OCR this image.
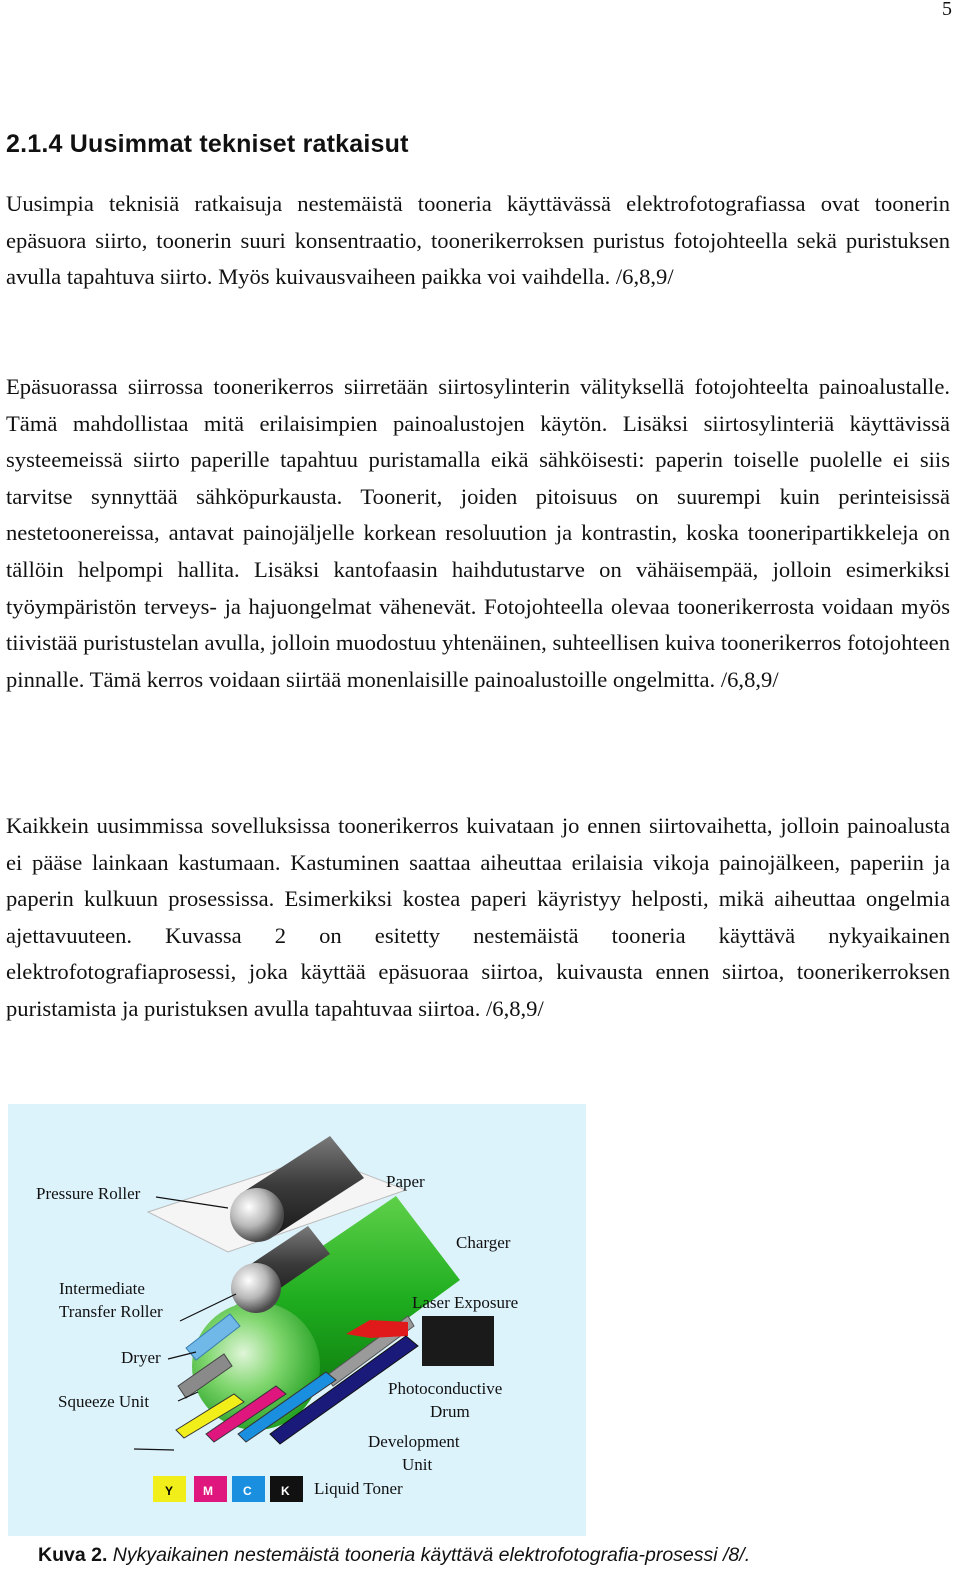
5
2.1.4 Uusimmat tekniset ratkaisut

Uusimpia teknisiä ratkaisuja nestemäistä tooneria käyttävässä elektrofotografiassa ovat toonerin epäsuora siirto, toonerin suuri konsentraatio, toonerikerroksen puristus fotojohteella sekä puristuksen avulla tapahtuva siirto. Myös kuivausvaiheen paikka voi vaihdella. /6,8,9/

Epäsuorassa siirrossa toonerikerros siirretään siirtosylinterin välityksellä fotojohteelta painoalustalle. Tämä mahdollistaa mitä erilaisimpien painoalustojen käytön. Lisäksi siirtosylinteriä käyttävissä systeemeissä siirto paperille tapahtuu puristamalla eikä sähköisesti: paperin toiselle puolelle ei siis tarvitse synnyttää sähköpurkausta. Toonerit, joiden pitoisuus on suurempi kuin perinteisissä nestetoonereissa, antavat painojäljelle korkean resoluution ja kontrastin, koska tooneripartikkeleja on tällöin helpompi hallita. Lisäksi kantofaasin haihdutustarve on vähäisempää, jolloin esimerkiksi työympäristön terveys- ja hajuongelmat vähenevät. Fotojohteella olevaa toonerikerrosta voidaan myös tiivistää puristustelan avulla, jolloin muodostuu yhtenäinen, suhteellisen kuiva toonerikerros fotojohteen pinnalle. Tämä kerros voidaan siirtää monenlaisille painoalustoille ongelmitta. /6,8,9/

Kaikkein uusimmissa sovelluksissa toonerikerros kuivataan jo ennen siirtovaihetta, jolloin painoalusta ei pääse lainkaan kastumaan. Kastuminen saattaa aiheuttaa erilaisia vikoja painojälkeen, paperiin ja paperin kulkuun prosessissa. Esimerkiksi kostea paperi käyristyy helposti, mikä aiheuttaa ongelmia ajettavuuteen. Kuvassa 2 on esitetty nestemäistä tooneria käyttävä nykyaikainen elektrofotografiaprosessi, joka käyttää epäsuoraa siirtoa, kuivausta ennen siirtoa, toonerikerroksen puristamista ja puristuksen avulla tapahtuvaa siirtoa. /6,8,9/

Y M	C K
Pressure Roller
Paper
Charger
Intermediate
Transfer Roller	Laser Exposure
Dryer
Photoconductive
Drum
Squeeze Unit
Development
Unit
Liquid Toner
Kuva 2. Nykyaikainen nestemäistä tooneria käyttävä elektrofotografia-prosessi /8/.
